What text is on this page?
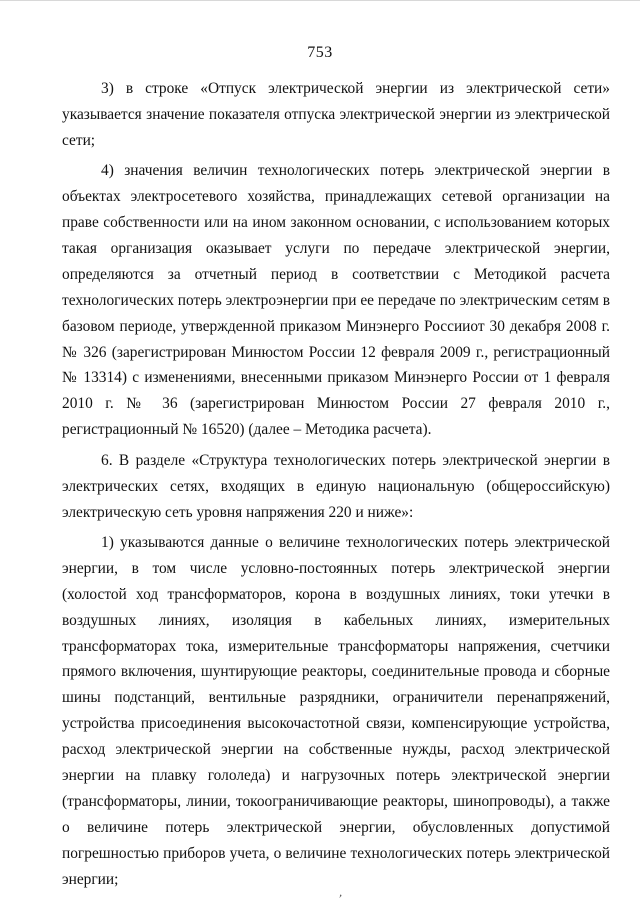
753

3) в строке «Отпуск электрической энергии из электрической сети» указывается значение показателя отпуска электрической энергии из электрической сети;

4) значения величин технологических потерь электрической энергии в объектах электросетевого хозяйства, принадлежащих сетевой организации на праве собственности или на ином законном основании, с использованием которых такая организация оказывает услуги по передаче электрической энергии, определяются за отчетный период в соответствии с Методикой расчета технологических потерь электроэнергии при ее передаче по электрическим сетям в базовом периоде, утвержденной приказом Минэнерго Россииот 30 декабря 2008 г. № 326 (зарегистрирован Минюстом России 12 февраля 2009 г., регистрационный № 13314) с изменениями, внесенными приказом Минэнерго России от 1 февраля 2010 г. № 36 (зарегистрирован Минюстом России 27 февраля 2010 г., регистрационный № 16520) (далее – Методика расчета).

6. В разделе «Структура технологических потерь электрической энергии в электрических сетях, входящих в единую национальную (общероссийскую) электрическую сеть уровня напряжения 220 и ниже»:

1) указываются данные о величине технологических потерь электрической энергии, в том числе условно-постоянных потерь электрической энергии (холостой ход трансформаторов, корона в воздушных линиях, токи утечки в воздушных линиях, изоляция в кабельных линиях, измерительных трансформаторах тока, измерительные трансформаторы напряжения, счетчики прямого включения, шунтирующие реакторы, соединительные провода и сборные шины подстанций, вентильные разрядники, ограничители перенапряжений, устройства присоединения высокочастотной связи, компенсирующие устройства, расход электрической энергии на собственные нужды, расход электрической энергии на плавку гололеда) и нагрузочных потерь электрической энергии (трансформаторы, линии, токоограничивающие реакторы, шинопроводы), а также о величине потерь электрической энергии, обусловленных допустимой погрешностью приборов учета, о величине технологических потерь электрической энергии;

,
